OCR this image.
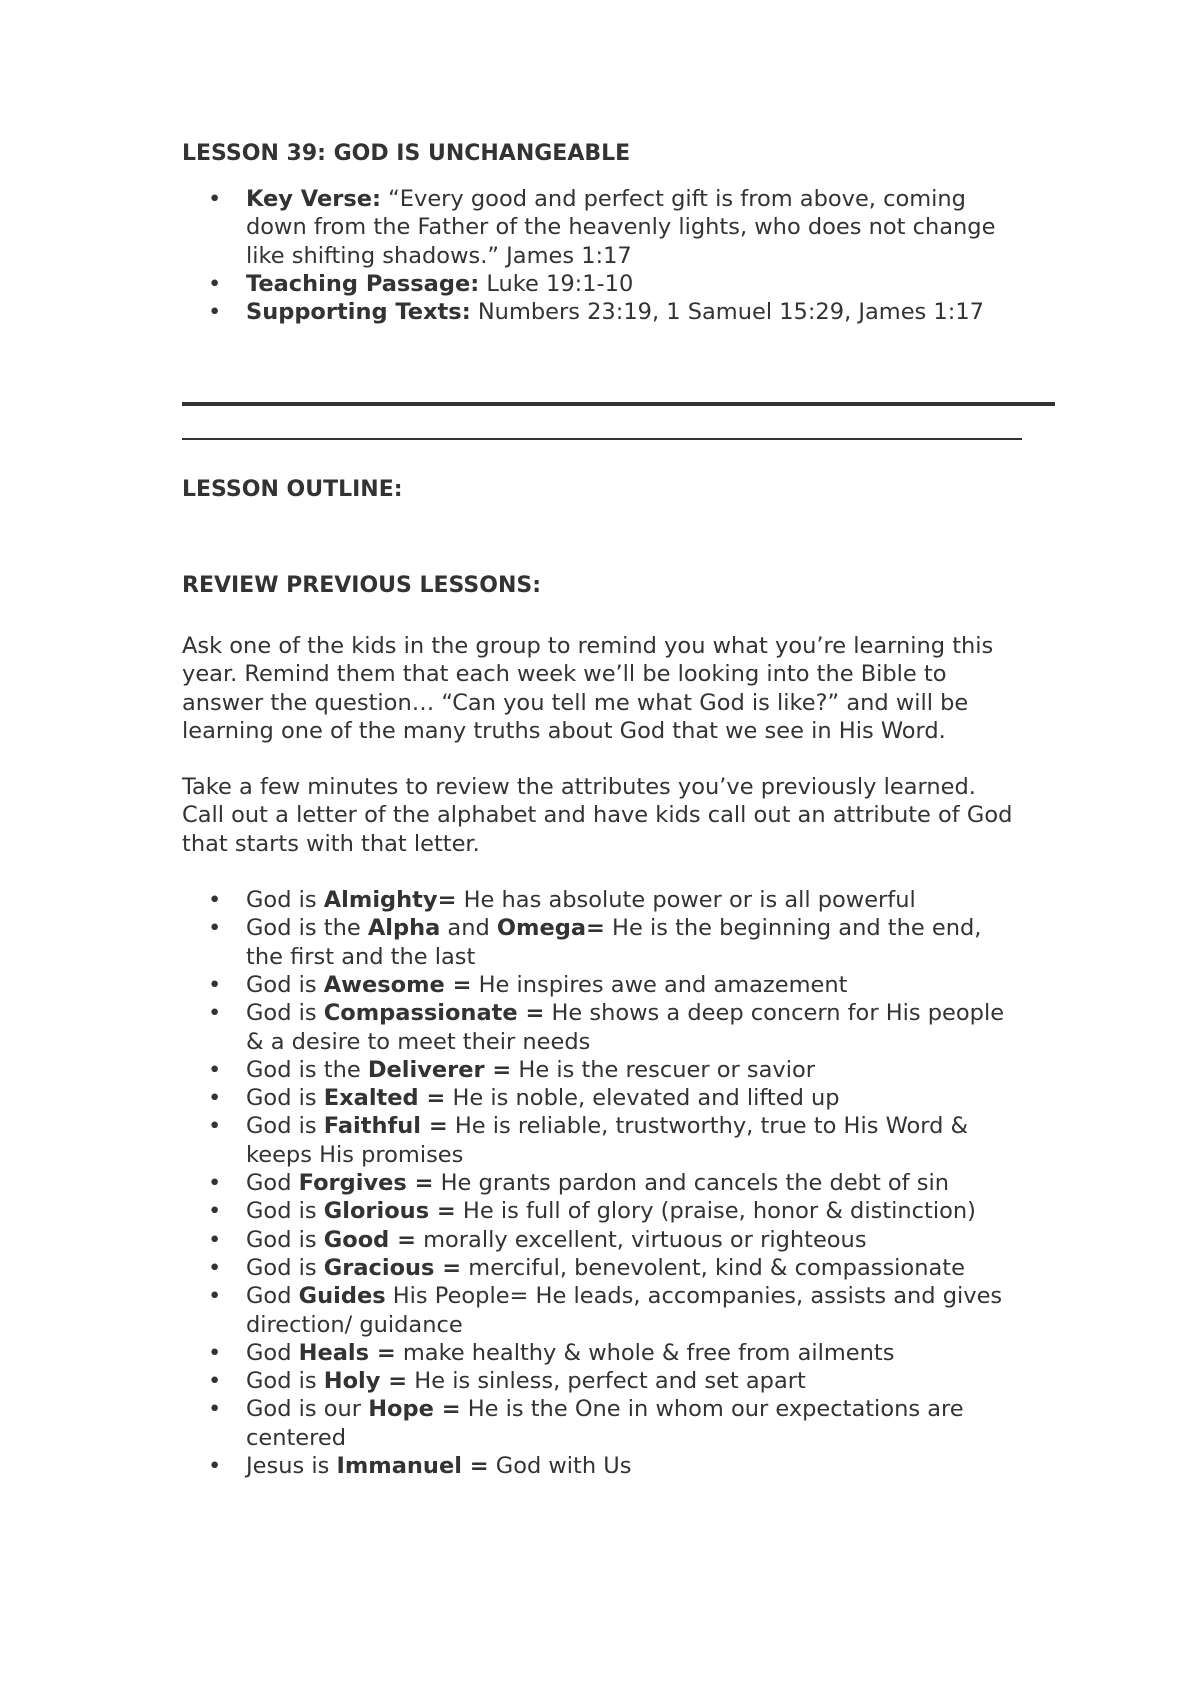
LESSON 39: GOD IS UNCHANGEABLE
• Key Verse: “Every good and perfect gift is from above, coming down from the Father of the heavenly lights, who does not change like shifting shadows.” James 1:17
• Teaching Passage: Luke 19:1-10
• Supporting Texts: Numbers 23:19, 1 Samuel 15:29, James 1:17
LESSON OUTLINE:
REVIEW PREVIOUS LESSONS:

Ask one of the kids in the group to remind you what you’re learning this year. Remind them that each week we’ll be looking into the Bible to answer the question… “Can you tell me what God is like?” and will be learning one of the many truths about God that we see in His Word.

Take a few minutes to review the attributes you’ve previously learned. Call out a letter of the alphabet and have kids call out an attribute of God that starts with that letter.

• God is Almighty= He has absolute power or is all powerful
• God is the Alpha and Omega= He is the beginning and the end, the first and the last
• God is Awesome = He inspires awe and amazement
• God is Compassionate = He shows a deep concern for His people & a desire to meet their needs
• God is the Deliverer = He is the rescuer or savior
• God is Exalted = He is noble, elevated and lifted up
• God is Faithful = He is reliable, trustworthy, true to His Word & keeps His promises
• God Forgives = He grants pardon and cancels the debt of sin
• God is Glorious = He is full of glory (praise, honor & distinction)
• God is Good = morally excellent, virtuous or righteous
• God is Gracious = merciful, benevolent, kind & compassionate
• God Guides His People= He leads, accompanies, assists and gives direction/ guidance
• God Heals = make healthy & whole & free from ailments
• God is Holy = He is sinless, perfect and set apart
• God is our Hope = He is the One in whom our expectations are centered
• Jesus is Immanuel = God with Us
